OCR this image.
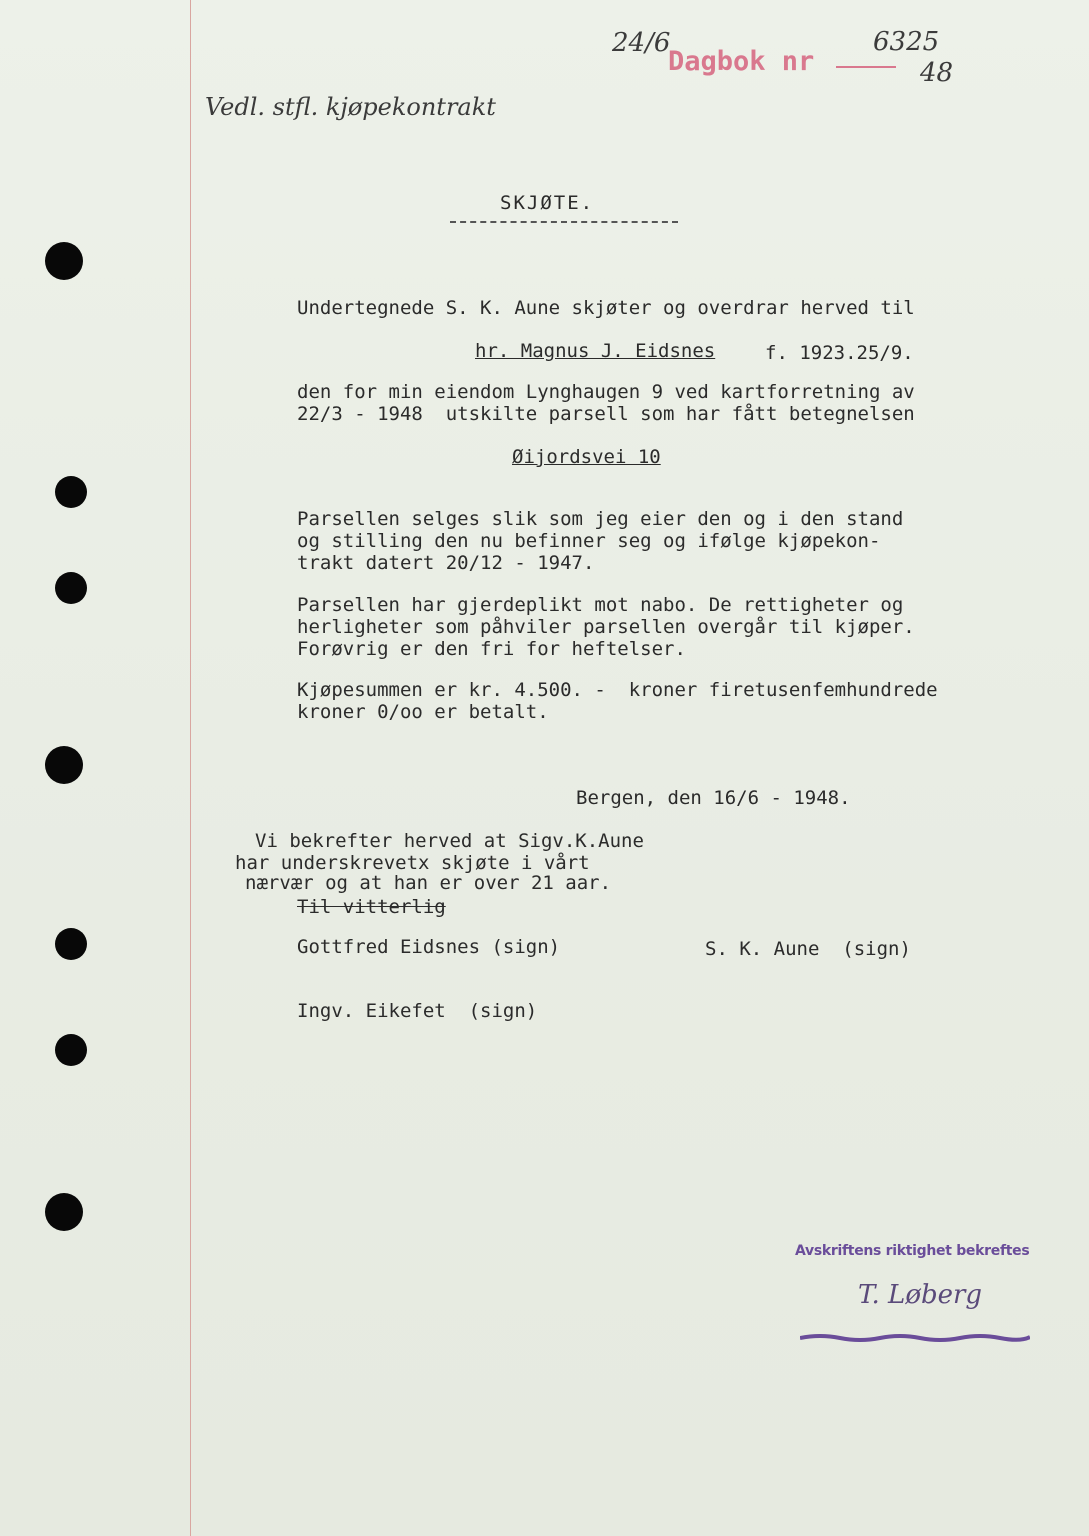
24/6
Dagbok nr
6325
48
Vedl. stfl. kjøpekontrakt
SKJØTE.
Undertegnede S. K. Aune skjøter og overdrar herved til
hr. Magnus J. Eidsnes	f. 1923.25/9.
den for min eiendom Lynghaugen 9 ved kartforretning av
22/3 - 1948  utskilte parsell som har fått betegnelsen
Øijordsvei 10
Parsellen selges slik som jeg eier den og i den stand
og stilling den nu befinner seg og ifølge kjøpekon-
trakt datert 20/12 - 1947.
Parsellen har gjerdeplikt mot nabo. De rettigheter og
herligheter som påhviler parsellen overgår til kjøper.
Forøvrig er den fri for heftelser.
Kjøpesummen er kr. 4.500. -  kroner firetusenfemhundrede
kroner 0/oo er betalt.
Bergen, den 16/6 - 1948.
Vi bekrefter herved at Sigv.K.Aune
har underskrevetx skjøte i vårt
nærvær og at han er over 21 aar.
Til vitterlig
Gottfred Eidsnes (sign)	S. K. Aune  (sign)
Ingv. Eikefet  (sign)
Avskriftens riktighet bekreftes
T. Løberg
